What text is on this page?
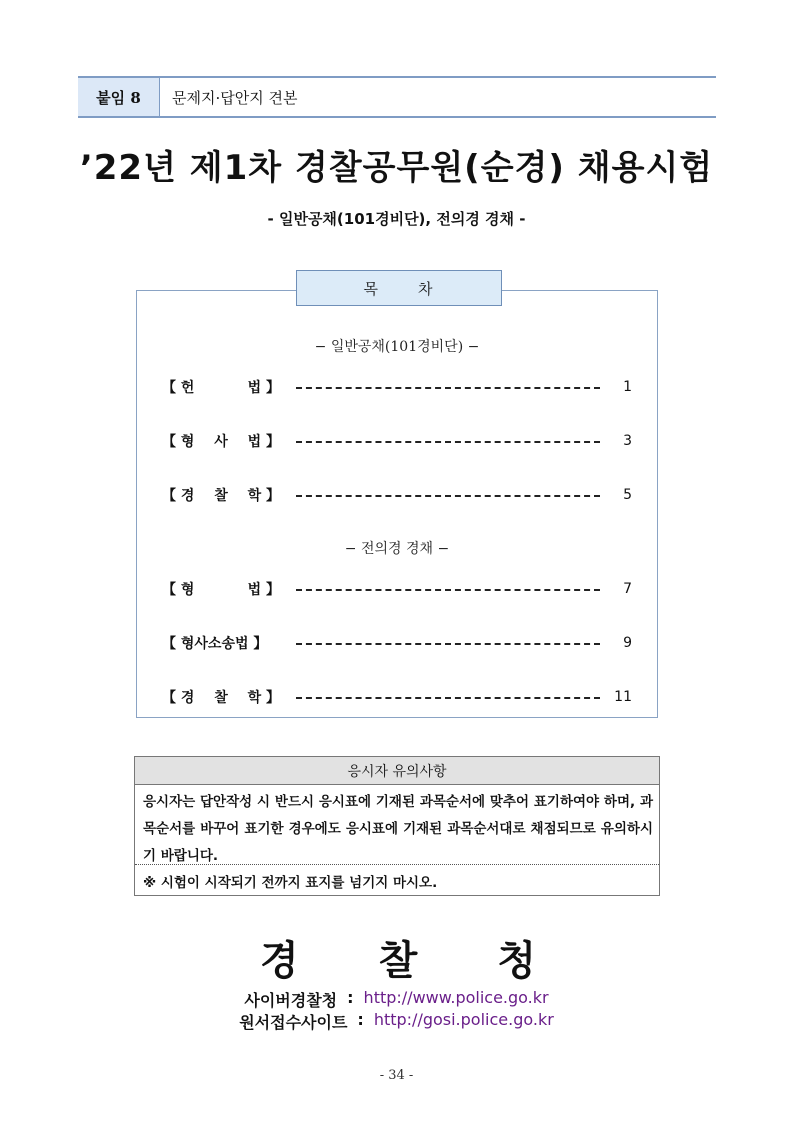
붙임 8	문제지·답안지 견본
’22년 제1차 경찰공무원(순경) 채용시험
- 일반공채(101경비단), 전의경 경채 -
목	차
− 일반공채(101경비단) −
【 헌	법 】	1
【 형 사 법 】	3
【 경 찰 학 】	5
− 전의경 경채 −
【 형	법 】	7
【 형사소송법 】	9
【 경 찰 학 】	11
응시자 유의사항
응시자는 답안작성 시 반드시 응시표에 기재된 과목순서에 맞추어 표기하여야 하며, 과목순서를 바꾸어 표기한 경우에도 응시표에 기재된 과목순서대로 채점되므로 유의하시기 바랍니다.
※ 시험이 시작되기 전까지 표지를 넘기지 마시오.
경 찰 청
사이버경찰청 : http://www.police.go.kr
원서접수사이트 : http://gosi.police.go.kr
- 34 -
